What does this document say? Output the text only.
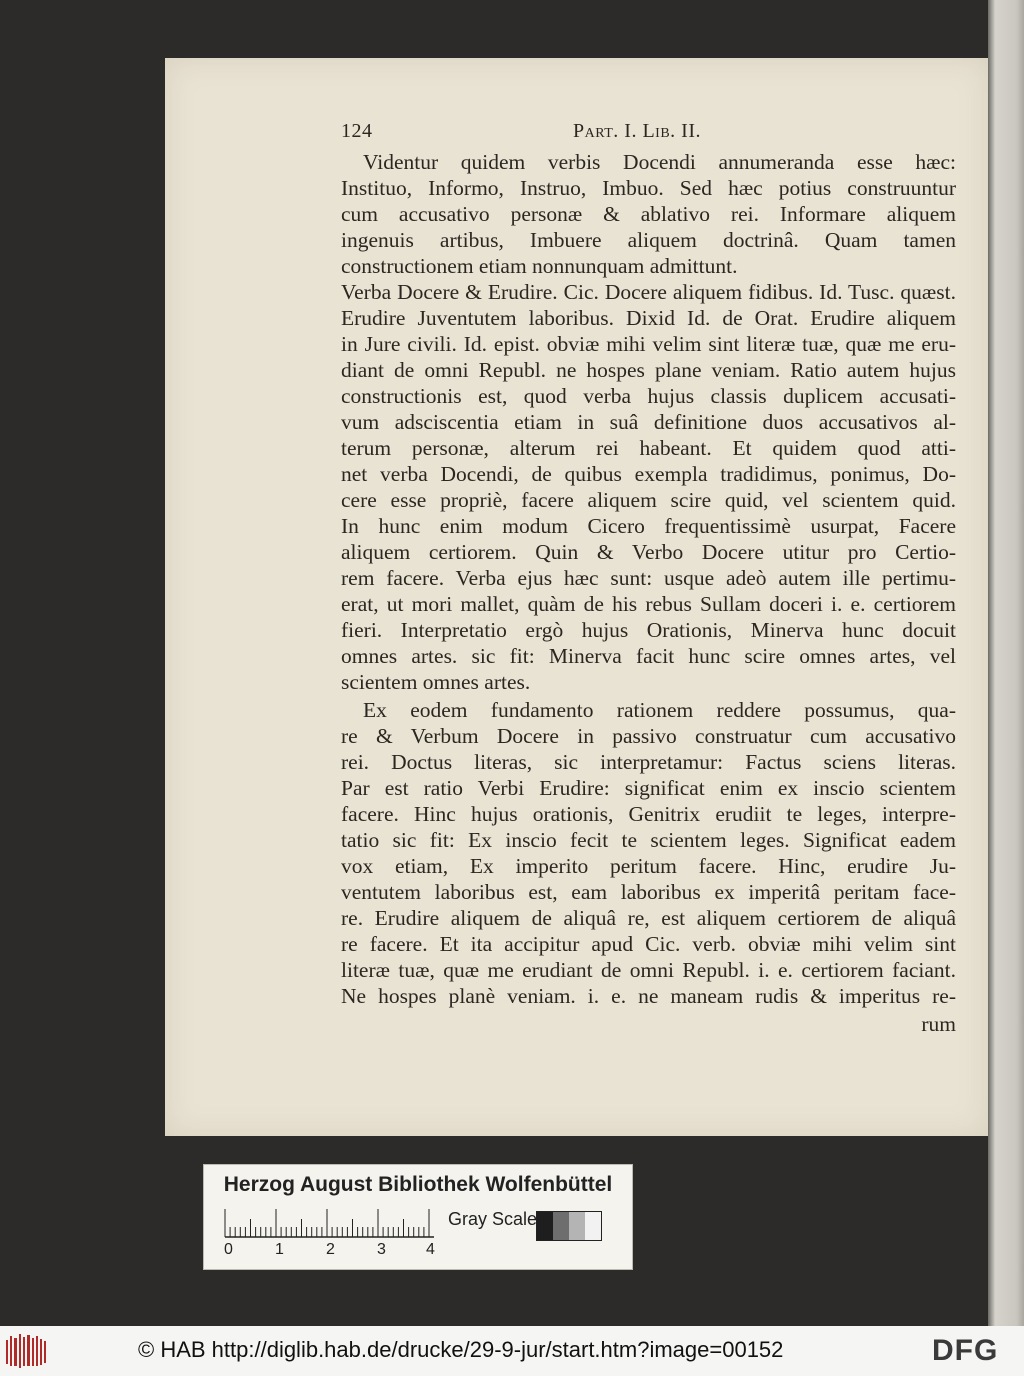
124	Part. I. Lib. II.
Videntur quidem verbis Docendi annumeranda esse hæc:
Instituo, Informo, Instruo, Imbuo. Sed hæc potius construuntur
cum accusativo personæ & ablativo rei. Informare aliquem
ingenuis artibus, Imbuere aliquem doctrinâ. Quam tamen
constructionem etiam nonnunquam admittunt.
Verba Docere & Erudire. Cic. Docere aliquem fidibus. Id. Tusc. quæst.
Erudire Juventutem laboribus. Dixid Id. de Orat. Erudire aliquem
in Jure civili. Id. epist. obviæ mihi velim sint literæ tuæ, quæ me eru-
diant de omni Republ. ne hospes plane veniam. Ratio autem hujus
constructionis est, quod verba hujus classis duplicem accusati-
vum adsciscentia etiam in suâ definitione duos accusativos al-
terum personæ, alterum rei habeant. Et quidem quod atti-
net verba Docendi, de quibus exempla tradidimus, ponimus, Do-
cere esse propriè, facere aliquem scire quid, vel scientem quid.
In hunc enim modum Cicero frequentissimè usurpat, Facere
aliquem certiorem. Quin & Verbo Docere utitur pro Certio-
rem facere. Verba ejus hæc sunt: usque adeò autem ille pertimu-
erat, ut mori mallet, quàm de his rebus Sullam doceri i. e. certiorem
fieri. Interpretatio ergò hujus Orationis, Minerva hunc docuit
omnes artes. sic fit: Minerva facit hunc scire omnes artes, vel
scientem omnes artes.
Ex eodem fundamento rationem reddere possumus, qua-
re & Verbum Docere in passivo construatur cum accusativo
rei. Doctus literas, sic interpretamur: Factus sciens literas.
Par est ratio Verbi Erudire: significat enim ex inscio scientem
facere. Hinc hujus orationis, Genitrix erudiit te leges, interpre-
tatio sic fit: Ex inscio fecit te scientem leges. Significat eadem
vox etiam, Ex imperito peritum facere. Hinc, erudire Ju-
ventutem laboribus est, eam laboribus ex imperitâ peritam face-
re. Erudire aliquem de aliquâ re, est aliquem certiorem de aliquâ
re facere. Et ita accipitur apud Cic. verb. obviæ mihi velim sint
literæ tuæ, quæ me erudiant de omni Republ. i. e. certiorem faciant.
Ne hospes planè veniam. i. e. ne maneam rudis & imperitus re-
rum
Herzog August Bibliothek Wolfenbüttel
0	1	2	3	4
Gray Scale
© HAB http://diglib.hab.de/drucke/29-9-jur/start.htm?image=00152	DFG
